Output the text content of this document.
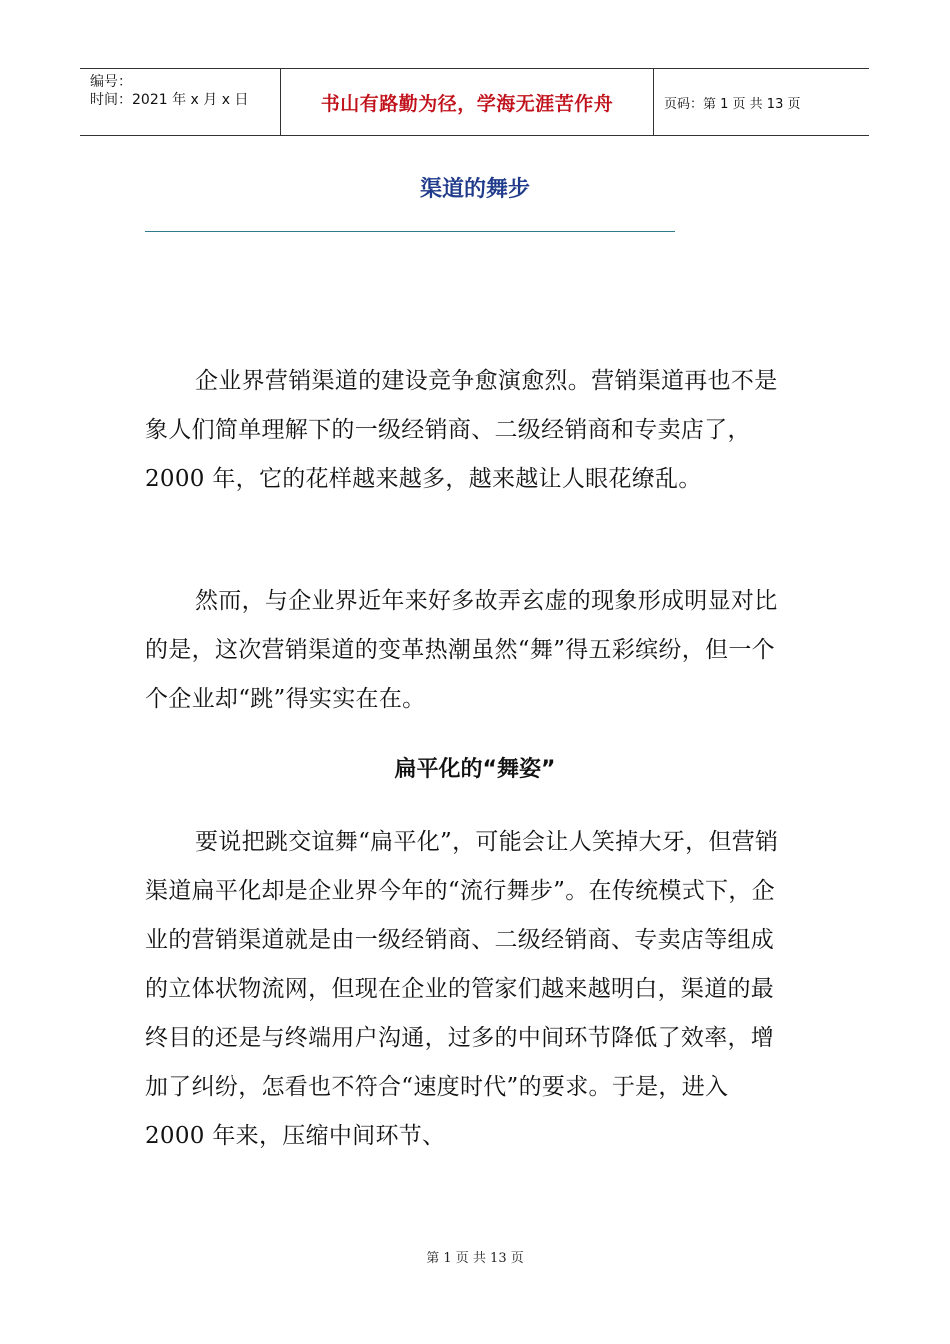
编号：
时间：2021 年 x 月 x 日	书山有路勤为径，学海无涯苦作舟	页码：第 1 页 共 13 页
渠道的舞步

企业界营销渠道的建设竞争愈演愈烈。营销渠道再也不是象人们简单理解下的一级经销商、二级经销商和专卖店了，2000 年，它的花样越来越多，越来越让人眼花缭乱。

然而，与企业界近年来好多故弄玄虚的现象形成明显对比的是，这次营销渠道的变革热潮虽然“舞”得五彩缤纷，但一个个企业却“跳”得实实在在。

扁平化的“舞姿”

要说把跳交谊舞“扁平化”，可能会让人笑掉大牙，但营销渠道扁平化却是企业界今年的“流行舞步”。在传统模式下，企业的营销渠道就是由一级经销商、二级经销商、专卖店等组成的立体状物流网，但现在企业的管家们越来越明白，渠道的最终目的还是与终端用户沟通，过多的中间环节降低了效率，增加了纠纷，怎看也不符合“速度时代”的要求。于是，进入 2000 年来，压缩中间环节、

第 1 页 共 13 页
